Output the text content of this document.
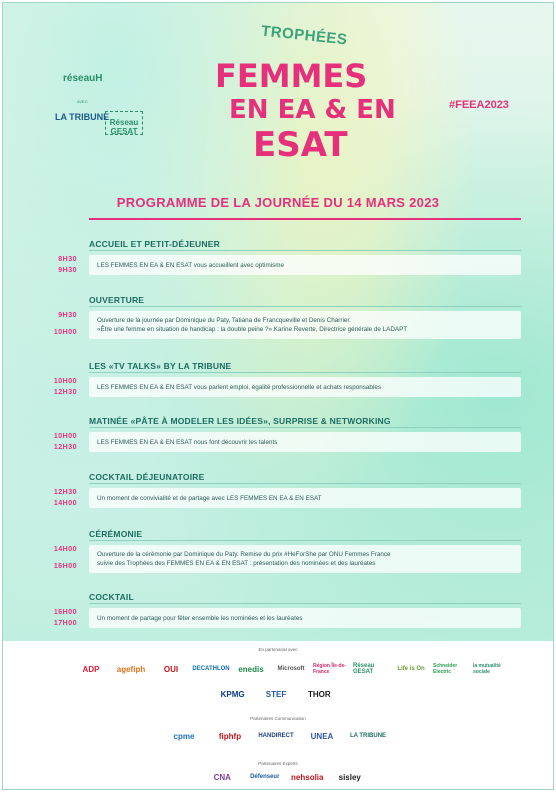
réseauH
AVEC
LA TRIBUNE
Réseau GESAT
TROPHÉES
FEMMES
EN EA & EN
ESAT
#FEEA2023
PROGRAMME DE LA JOURNÉE DU 14 MARS 2023
ACCUEIL ET PETIT-DÉJEUNER
8H30
9H30
LES FEMMES EN EA & EN ESAT vous accueillent avec optimisme
OUVERTURE
9H30
10H00
Ouverture de la journée par Dominique du Paty, Tatiana de Francqueville et Denis Charrier.
«Être une femme en situation de handicap : la double peine ?» Karine Reverte, Directrice générale de LADAPT
LES «TV TALKS» BY LA TRIBUNE
10H00
12H30
LES FEMMES EN EA & EN ESAT vous parlent emploi, égalité professionnelle et achats responsables
MATINÉE «PÂTE À MODELER LES IDÉES», SURPRISE & NETWORKING
10H00
12H30
LES FEMMES EN EA & EN ESAT nous font découvrir les talents
COCKTAIL DÉJEUNATOIRE
12H30
14H00
Un moment de convivialité et de partage avec LES FEMMES EN EA & EN ESAT
CÉRÉMONIE
14H00
16H00
Ouverture de la cérémonie par Dominique du Paty. Remise du prix #HeForShe par ONU Femmes France
suivie des Trophées des FEMMES EN EA & EN ESAT : présentation des nominées et des lauréates
COCKTAIL
16H00
17H00
Un moment de partage pour fêter ensemble les nominées et les lauréates
En partenariat avec
ADP	agefiph	OUI	DECATHLON	enedis	Microsoft	Région Île-de-France
Réseau GESAT	Life is On	Schneider Electric
la mutualité sociale
KPMG	STEF	THOR
Partenaires Communication
cpme	fiphfp	HANDIRECT	UNEA	LA TRIBUNE
Partenaires Experts
CNA	Défenseur	nehsolia	sisley
